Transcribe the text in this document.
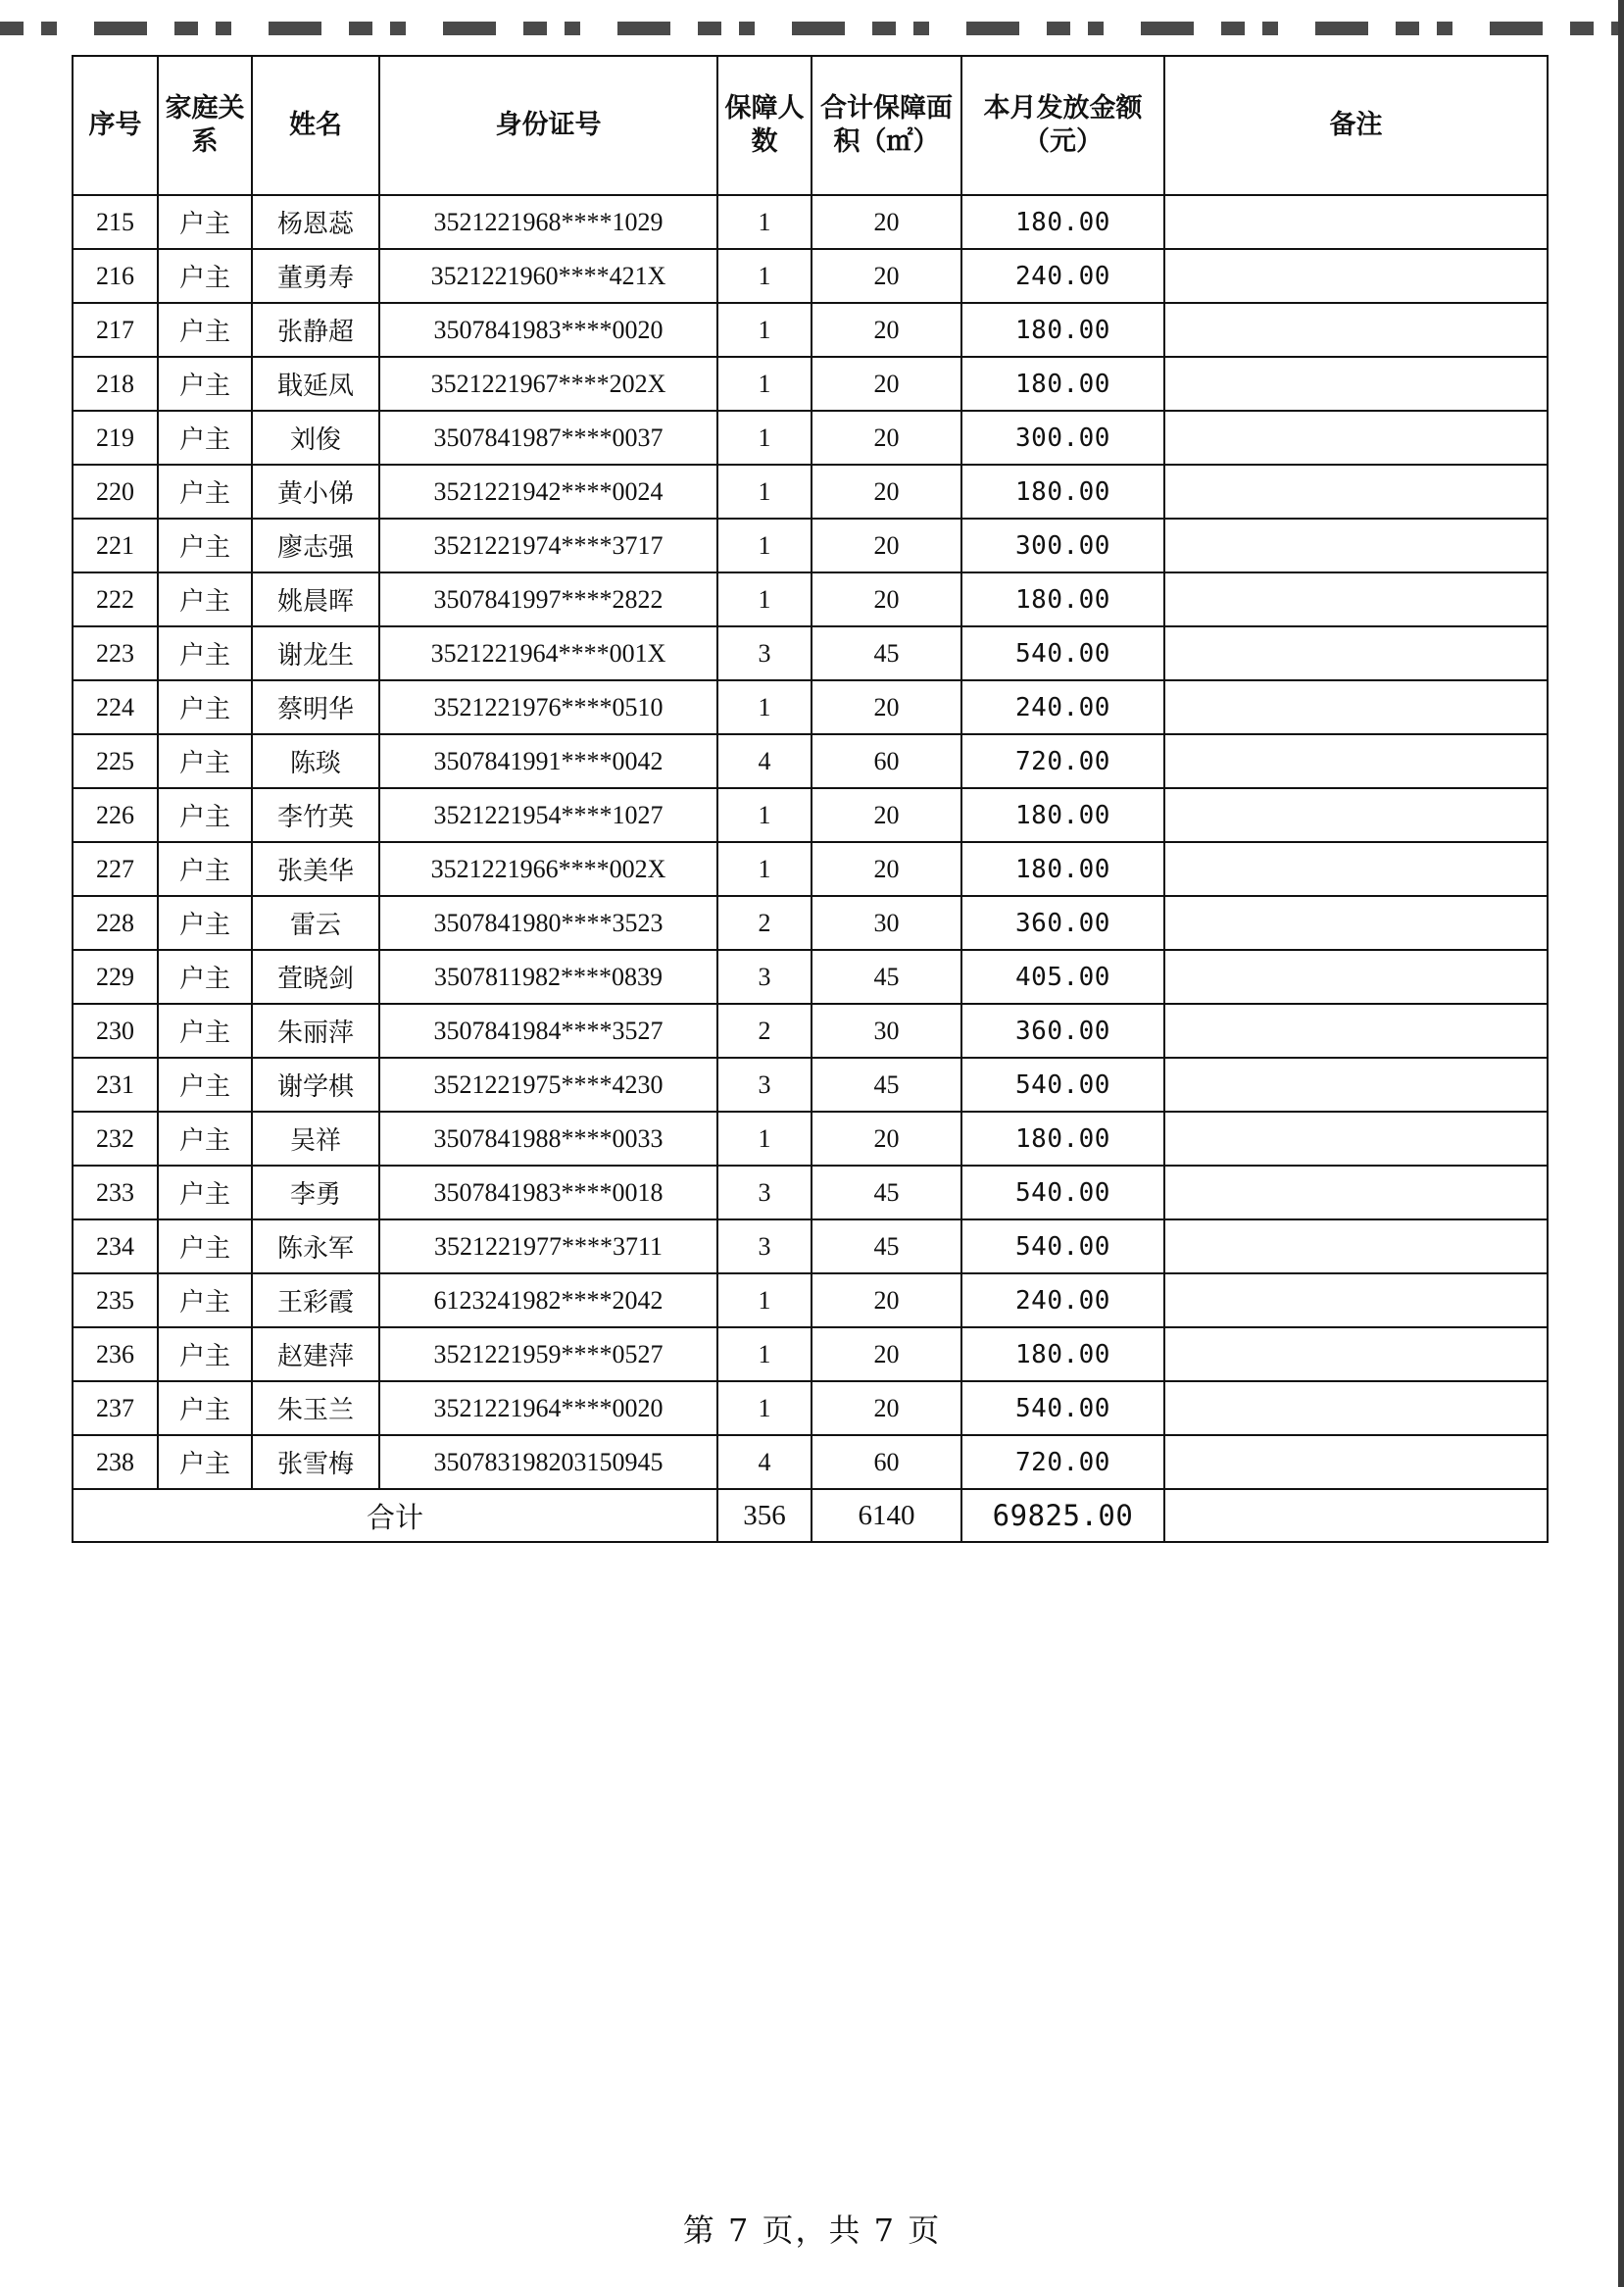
序号	家庭关系	姓名	身份证号	保障人数	合计保障面积（㎡）	本月发放金额（元）	备注
215	户主	杨恩蕊	3521221968****1029	1	20	180.00	
216	户主	董勇寿	3521221960****421X	1	20	240.00	
217	户主	张静超	3507841983****0020	1	20	180.00	
218	户主	戢延凤	3521221967****202X	1	20	180.00	
219	户主	刘俊	3507841987****0037	1	20	300.00	
220	户主	黄小俤	3521221942****0024	1	20	180.00	
221	户主	廖志强	3521221974****3717	1	20	300.00	
222	户主	姚晨晖	3507841997****2822	1	20	180.00	
223	户主	谢龙生	3521221964****001X	3	45	540.00	
224	户主	蔡明华	3521221976****0510	1	20	240.00	
225	户主	陈琰	3507841991****0042	4	60	720.00	
226	户主	李竹英	3521221954****1027	1	20	180.00	
227	户主	张美华	3521221966****002X	1	20	180.00	
228	户主	雷云	3507841980****3523	2	30	360.00	
229	户主	萓晓剑	3507811982****0839	3	45	405.00	
230	户主	朱丽萍	3507841984****3527	2	30	360.00	
231	户主	谢学棋	3521221975****4230	3	45	540.00	
232	户主	吴祥	3507841988****0033	1	20	180.00	
233	户主	李勇	3507841983****0018	3	45	540.00	
234	户主	陈永军	3521221977****3711	3	45	540.00	
235	户主	王彩霞	6123241982****2042	1	20	240.00	
236	户主	赵建萍	3521221959****0527	1	20	180.00	
237	户主	朱玉兰	3521221964****0020	1	20	540.00	
238	户主	张雪梅	350783198203150945	4	60	720.00	
合计				356	6140	69825.00	
第 7 页，共 7 页
